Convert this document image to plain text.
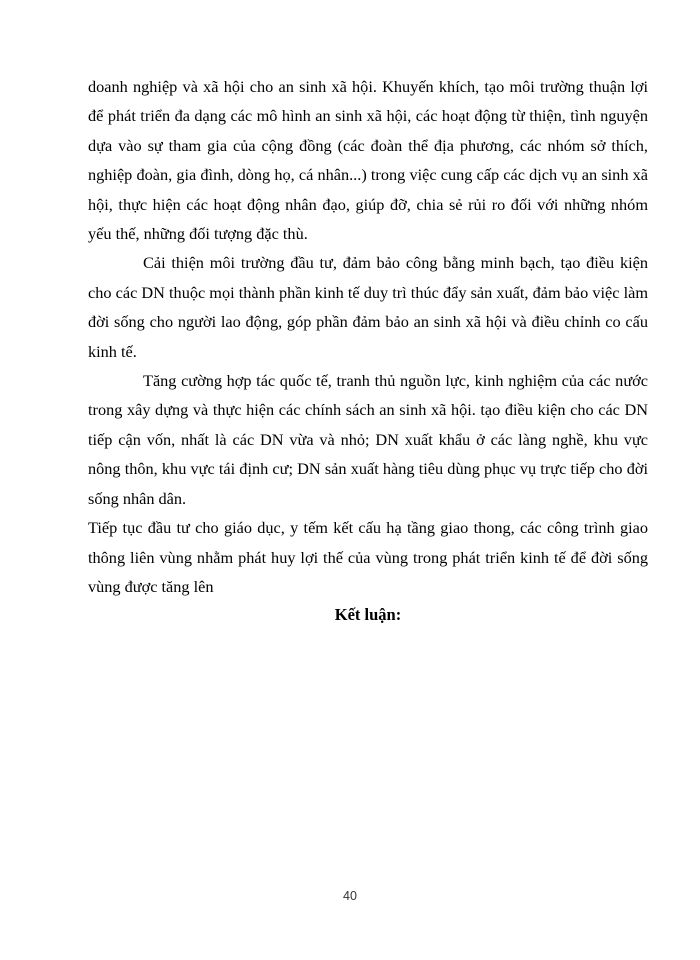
doanh nghiệp và xã hội cho an sinh xã hội. Khuyến khích, tạo môi trường thuận lợi để phát triển đa dạng các mô hình an sinh xã hội, các hoạt động từ thiện, tình nguyện dựa vào sự tham gia của cộng đồng (các đoàn thể địa phương, các nhóm sở thích, nghiệp đoàn, gia đình, dòng họ, cá nhân...) trong việc cung cấp các dịch vụ an sinh xã hội, thực hiện các hoạt động nhân đạo, giúp đỡ, chia sẻ rủi ro đối với những nhóm yếu thế, những đối tượng đặc thù.

Cải thiện môi trường đầu tư, đảm bảo công bằng minh bạch, tạo điều kiện cho các DN thuộc mọi thành phần kinh tế duy trì thúc đẩy sản xuất, đảm bảo việc làm đời sống cho người lao động, góp phần đảm bảo an sinh xã hội và điều chỉnh co cấu kinh tế.

Tăng cường hợp tác quốc tế, tranh thủ nguồn lực, kinh nghiệm của các nước trong xây dựng và thực hiện các chính sách an sinh xã hội. tạo điều kiện cho các DN tiếp cận vốn, nhất là các DN vừa và nhỏ; DN xuất khẩu ở các làng nghề, khu vực nông thôn, khu vực tái định cư; DN sản xuất hàng tiêu dùng phục vụ trực tiếp cho đời sống nhân dân.

Tiếp tục đầu tư cho giáo dục, y tếm kết cấu hạ tầng giao thong, các công trình giao thông liên vùng nhằm phát huy lợi thế của vùng trong phát triển kinh tế để đời sống vùng được tăng lên

Kết luận:
40
